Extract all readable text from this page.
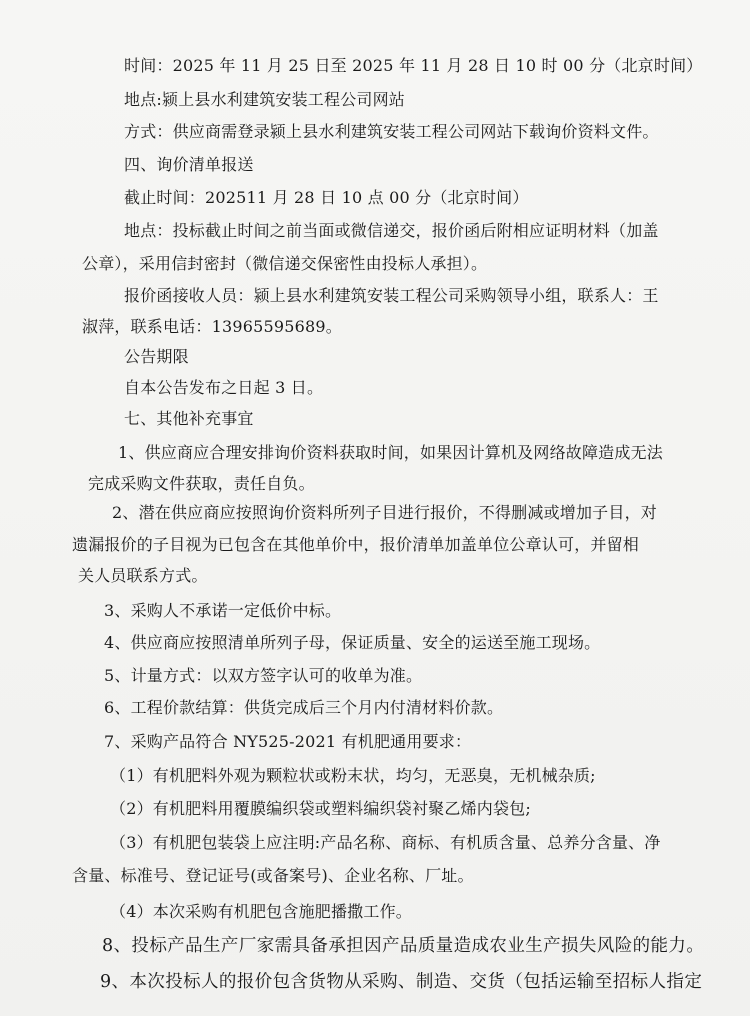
时间：2025 年 11 月 25 日至 2025 年 11 月 28 日 10 时 00 分（北京时间）
地点:颍上县水利建筑安装工程公司网站
方式：供应商需登录颍上县水利建筑安装工程公司网站下载询价资料文件。
四、询价清单报送
截止时间：202511 月 28 日 10 点 00 分（北京时间）
地点：投标截止时间之前当面或微信递交，报价函后附相应证明材料（加盖
公章），采用信封密封（微信递交保密性由投标人承担）。
报价函接收人员：颍上县水利建筑安装工程公司采购领导小组，联系人：王
淑萍，联系电话：13965595689。
公告期限
自本公告发布之日起 3 日。
七、其他补充事宜
1、供应商应合理安排询价资料获取时间，如果因计算机及网络故障造成无法
完成采购文件获取，责任自负。
2、潜在供应商应按照询价资料所列子目进行报价，不得删减或增加子目，对
遗漏报价的子目视为已包含在其他单价中，报价清单加盖单位公章认可，并留相
关人员联系方式。
3、采购人不承诺一定低价中标。
4、供应商应按照清单所列子母，保证质量、安全的运送至施工现场。
5、计量方式：以双方签字认可的收单为准。
6、工程价款结算：供货完成后三个月内付清材料价款。
7、采购产品符合 NY525-2021 有机肥通用要求：
（1）有机肥料外观为颗粒状或粉末状，均匀，无恶臭，无机械杂质;
（2）有机肥料用覆膜编织袋或塑料编织袋衬聚乙烯内袋包;
（3）有机肥包装袋上应注明:产品名称、商标、有机质含量、总养分含量、净
含量、标准号、登记证号(或备案号)、企业名称、厂址。
（4）本次采购有机肥包含施肥播撒工作。
8、投标产品生产厂家需具备承担因产品质量造成农业生产损失风险的能力。
9、本次投标人的报价包含货物从采购、制造、交货（包括运输至招标人指定
